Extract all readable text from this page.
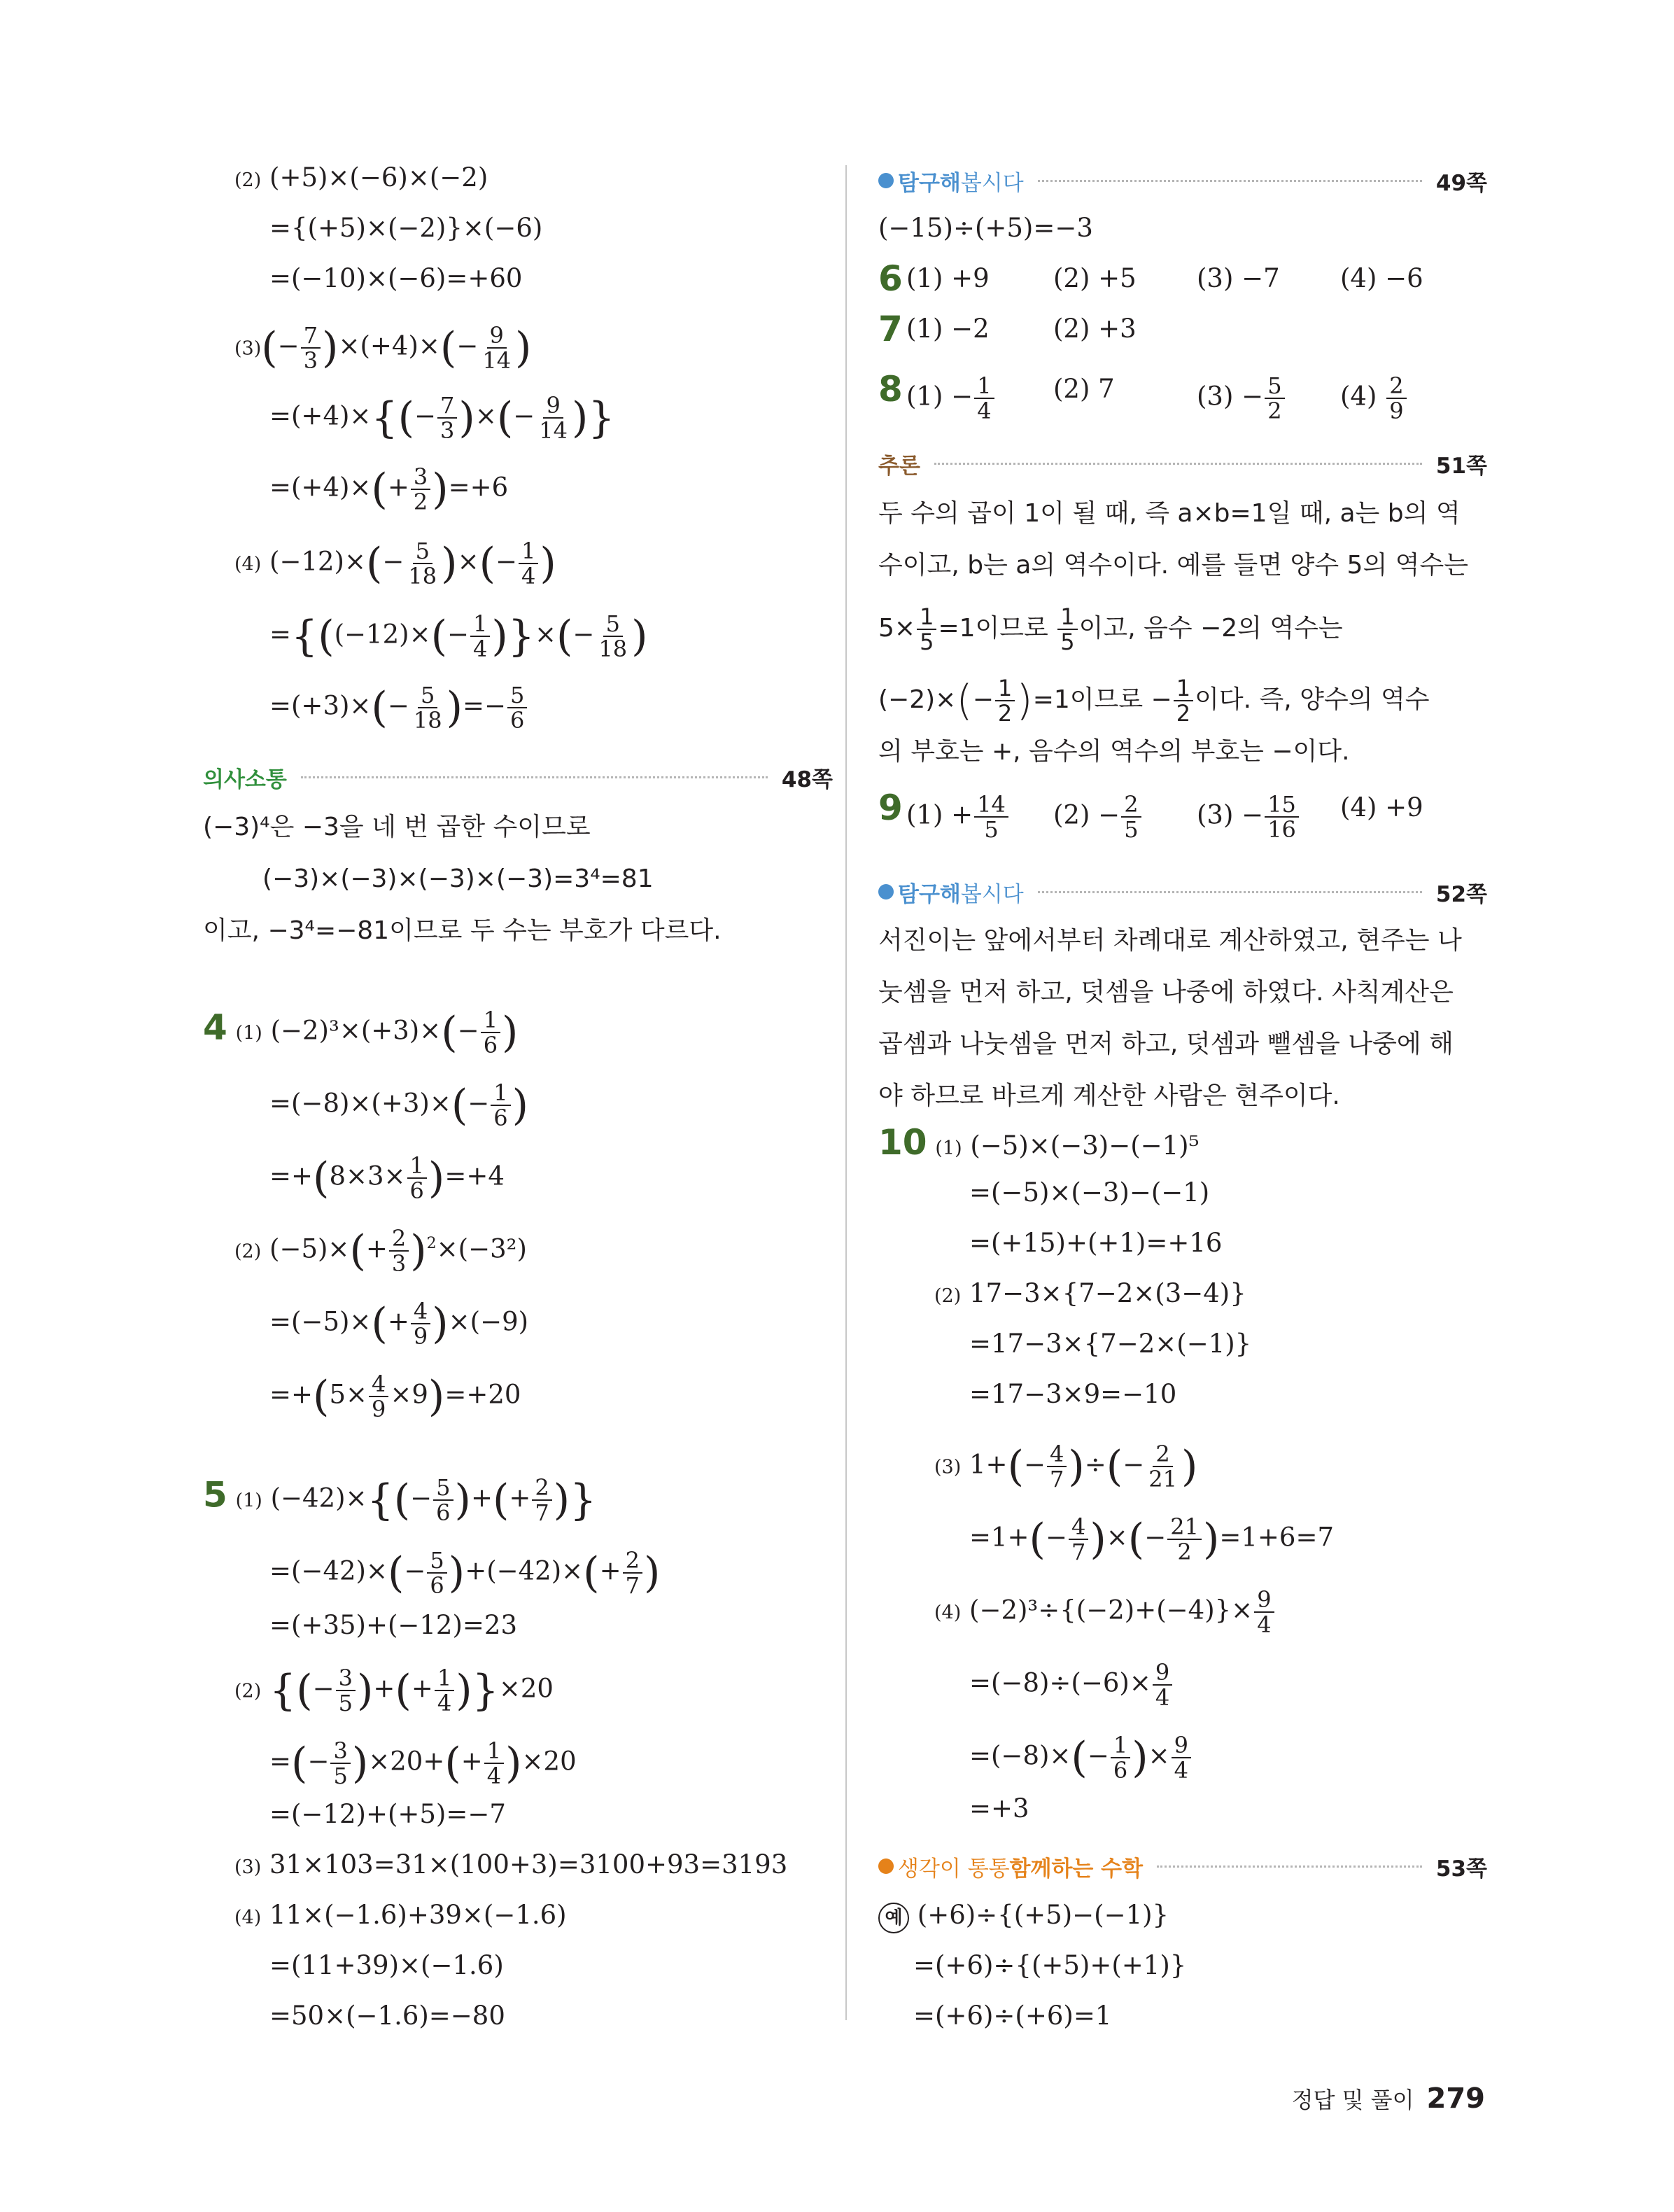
(2) (+5)×(−6)×(−2)
={(+5)×(−2)}×(−6)
=(−10)×(−6)=+60
$(3)(- \frac{7}{3} )\times(+4)\times(- \frac{9}{14}$ )
$=(+4)\times\{(- \frac{7}{3}$ )×(− $\frac{9}{14}$ )}
$=(+4)\times(+ \frac{3}{2} )=+6$
(4) $(-12)\times(- \frac{5}{18}$ )×(− $\frac{1}{4}$ )
$=\{((-12)\times(- \frac{1}{4}$ )}×(− $\frac{5}{18}$ )
$=(+3)\times(- \frac{5}{18}$ )=− $\frac{5}{6}$
의사소통	48쪽
(−3)⁴은 −3을 네 번 곱한 수이므로
(−3)×(−3)×(−3)×(−3)=3⁴=81
이고, −3⁴=−81이므로 두 수는 부호가 다르다.
4 (1) $(-2)^3\times(+3)\times(- \frac{1}{6}$ )
$=(-8)\times(+3)\times(- \frac{1}{6}$ )
$=+(8\times 3\times \frac{1}{6} )=+4$
(2) $(-5)\times(+ \frac{2}{3} )^2\times(-3^2)$
$=(-5)\times(+ \frac{4}{9} )\times(-9)$
$=+(5\times \frac{4}{9} \times 9)=+20$
5 (1) $(-42)\times\{(- \frac{5}{6}$ )+(+ $\frac{2}{7}$ )}
$=(-42)\times(- \frac{5}{6} )+(-42)\times(+ \frac{2}{7}$ )
=(+35)+(−12)=23
(2) {(− $\frac{3}{5}$ )+(+ $\frac{1}{4} )\}\times 20$
=(− $\frac{3}{5} )\times 20+(+ \frac{1}{4} )\times 20$
=(−12)+(+5)=−7
(3) 31×103=31×(100+3)=3100+93=3193
(4) 11×(−1.6)+39×(−1.6)
=(11+39)×(−1.6)
=50×(−1.6)=−80
탐구해 봅시다	49쪽
(−15)÷(+5)=−3
6 (1) +9 (2) +5 (3) −7 (4) −6
7 (1) −2 (2) +3
8 $(1) - \frac{1}{4} (2)$ 7	$(3) - \frac{5}{2} (4) \frac{2}{9}$
추론	51쪽
두 수의 곱이 1이 될 때, 즉 a×b=1일 때, a는 b의 역
수이고, b는 a의 역수이다. 예를 들면 양수 5의 역수는
$5\times \frac{1}{5} =1$이므로 $\frac{1}{5}$ 이고, 음수 −2의 역수는
$(-2)\times(- \frac{1}{2} )=1$이므로 − $\frac{1}{2}$ 이다. 즉, 양수의 역수
의 부호는 +, 음수의 역수의 부호는 −이다.
9 $(1) + \frac{14}{5} (2) - \frac{2}{5} (3) - \frac{15}{16} (4) +9$
탐구해 봅시다	52쪽
서진이는 앞에서부터 차례대로 계산하였고, 현주는 나
눗셈을 먼저 하고, 덧셈을 나중에 하였다. 사칙계산은
곱셈과 나눗셈을 먼저 하고, 덧셈과 뺄셈을 나중에 해
야 하므로 바르게 계산한 사람은 현주이다.
10 (1) (−5)×(−3)−(−1)⁵
=(−5)×(−3)−(−1)
=(+15)+(+1)=+16
(2) 17−3×{7−2×(3−4)}
=17−3×{7−2×(−1)}
=17−3×9=−10
(3) $1+(- \frac{4}{7}$ )÷(− $\frac{2}{21}$ )
$=1+(- \frac{4}{7}$ )×(− $\frac{21}{2} )=1+6=7$
(4) $(-2)^3\div\{(-2)+(-4)\}\times \frac{9}{4}$
$=(-8)\div(-6)\times \frac{9}{4}$
$=(-8)\times(- \frac{1}{6}$ )× $\frac{9}{4}$
=+3
생각이 통통 함께하는 수학	53쪽
예 (+6)÷{(+5)−(−1)}
=(+6)÷{(+5)+(+1)}
=(+6)÷(+6)=1
정답 및 풀이 279
